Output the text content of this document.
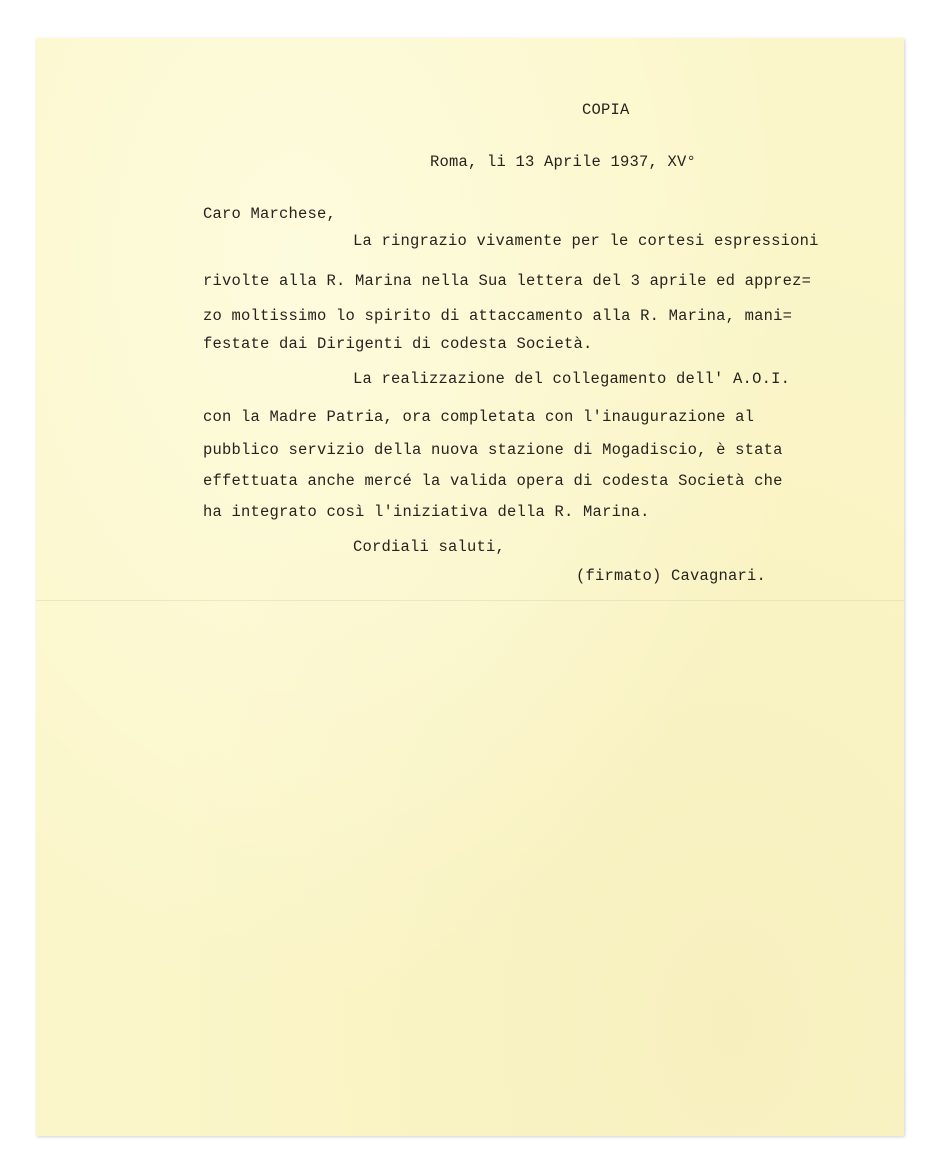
COPIA
Roma, li 13 Aprile 1937, XV°
Caro Marchese,
La ringrazio vivamente per le cortesi espressioni
rivolte alla R. Marina nella Sua lettera del 3 aprile ed apprez=
zo moltissimo lo spirito di attaccamento alla R. Marina, mani=
festate dai Dirigenti di codesta Società.
La realizzazione del collegamento dell' A.O.I.
con la Madre Patria, ora completata con l'inaugurazione al
pubblico servizio della nuova stazione di Mogadiscio, è stata
effettuata anche mercé la valida opera di codesta Società che
ha integrato così l'iniziativa della R. Marina.
Cordiali saluti,
(firmato) Cavagnari.
